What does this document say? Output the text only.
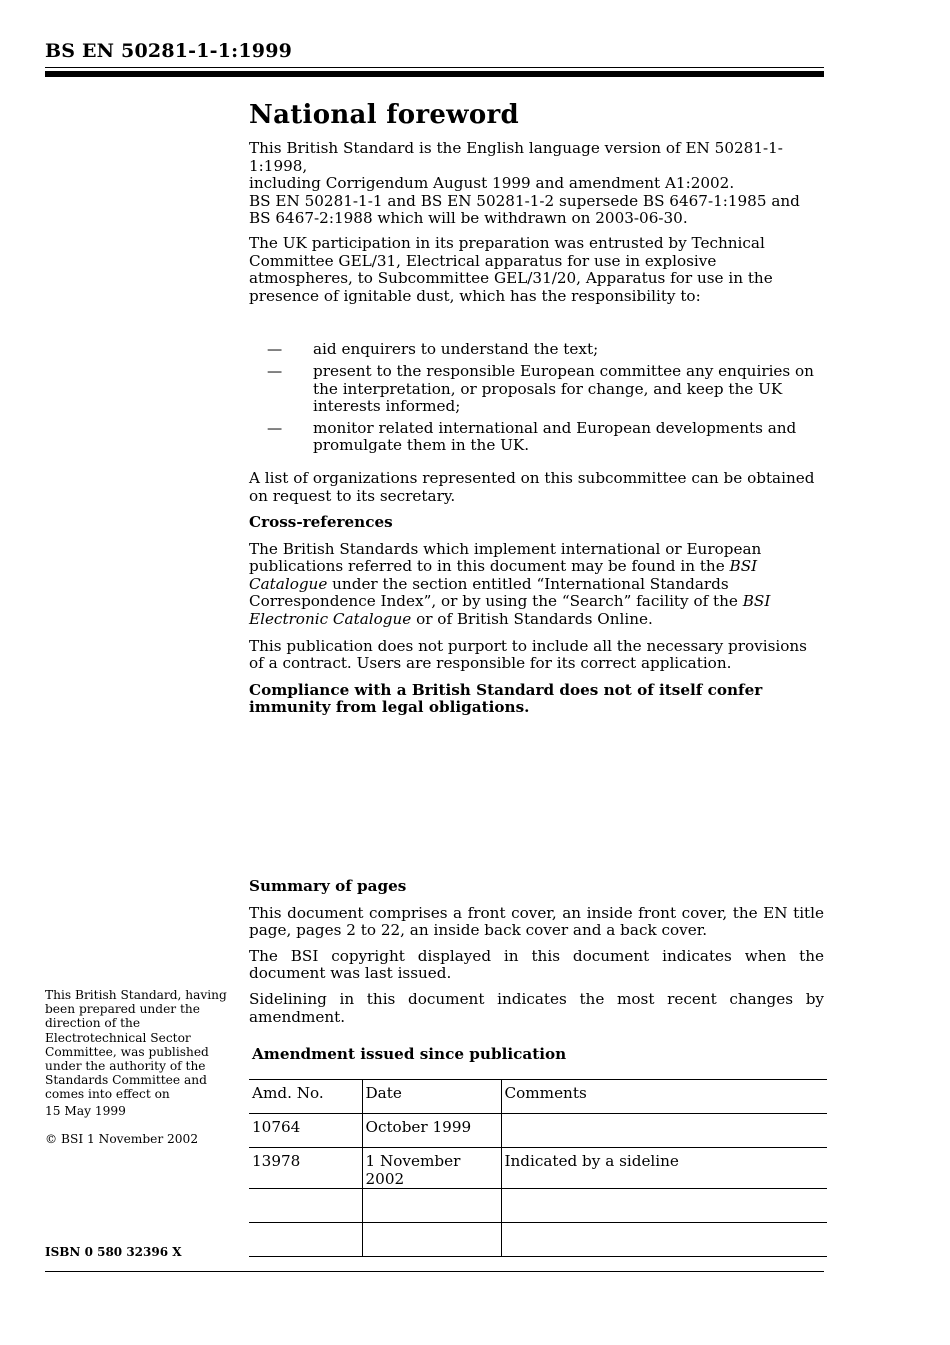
BS EN 50281-1-1:1999
National foreword

This British Standard is the English language version of EN 50281-1-1:1998,
including Corrigendum August 1999 and amendment A1:2002.
BS EN 50281-1-1 and BS EN 50281-1-2 supersede BS 6467-1:1985 and
BS 6467-2:1988 which will be withdrawn on 2003-06-30.

The UK participation in its preparation was entrusted by Technical Committee GEL/31, Electrical apparatus for use in explosive atmospheres, to Subcommittee GEL/31/20, Apparatus for use in the presence of ignitable dust, which has the responsibility to:

— aid enquirers to understand the text;
— present to the responsible European committee any enquiries on the interpretation, or proposals for change, and keep the UK interests informed;
— monitor related international and European developments and promulgate them in the UK.

A list of organizations represented on this subcommittee can be obtained on request to its secretary.

Cross-references

The British Standards which implement international or European publications referred to in this document may be found in the BSI Catalogue under the section entitled “International Standards Correspondence Index”, or by using the “Search” facility of the BSI Electronic Catalogue or of British Standards Online.

This publication does not purport to include all the necessary provisions of a contract. Users are responsible for its correct application.

Compliance with a British Standard does not of itself confer immunity from legal obligations.

Summary of pages

This document comprises a front cover, an inside front cover, the EN title page, pages 2 to 22, an inside back cover and a back cover.

The BSI copyright displayed in this document indicates when the document was last issued.

Sidelining in this document indicates the most recent changes by amendment.

This British Standard, having been prepared under the direction of the Electrotechnical Sector Committee, was published under the authority of the Standards Committee and comes into effect on

15 May 1999

© BSI 1 November 2002

Amendment issued since publication
Amd. No.	Date	Comments
10764	October 1999	
13978	1 November 2002	Indicated by a sideline

ISBN 0 580 32396 X
